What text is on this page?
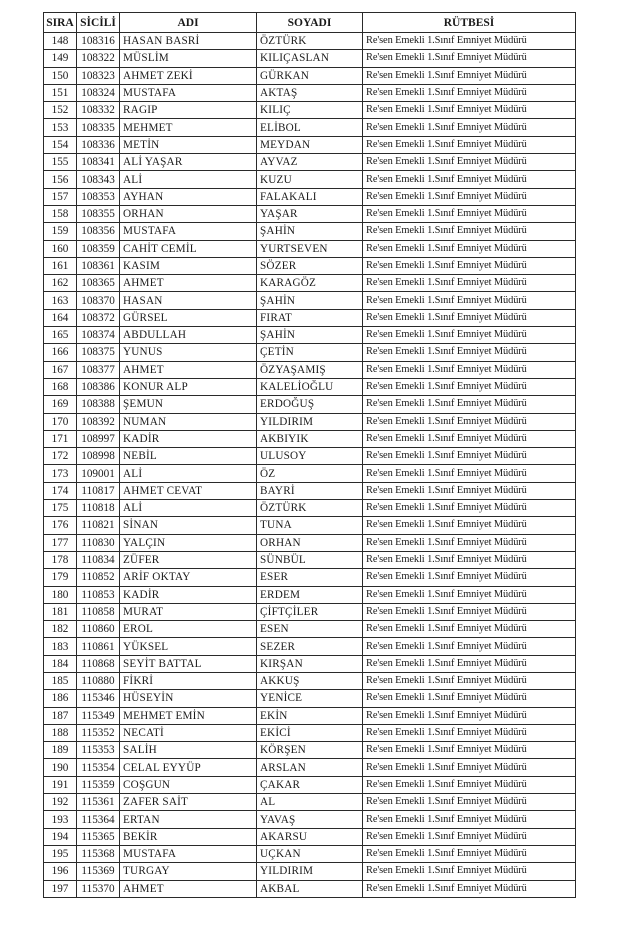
SIRA	SİCİLİ	ADI	SOYADI	RÜTBESİ
148	108316	HASAN BASRİ	ÖZTÜRK	Re'sen Emekli 1.Sınıf Emniyet Müdürü
149	108322	MÜSLİM	KILIÇASLAN	Re'sen Emekli 1.Sınıf Emniyet Müdürü
150	108323	AHMET ZEKİ	GÜRKAN	Re'sen Emekli 1.Sınıf Emniyet Müdürü
151	108324	MUSTAFA	AKTAŞ	Re'sen Emekli 1.Sınıf Emniyet Müdürü
152	108332	RAGIP	KILIÇ	Re'sen Emekli 1.Sınıf Emniyet Müdürü
153	108335	MEHMET	ELİBOL	Re'sen Emekli 1.Sınıf Emniyet Müdürü
154	108336	METİN	MEYDAN	Re'sen Emekli 1.Sınıf Emniyet Müdürü
155	108341	ALİ YAŞAR	AYVAZ	Re'sen Emekli 1.Sınıf Emniyet Müdürü
156	108343	ALİ	KUZU	Re'sen Emekli 1.Sınıf Emniyet Müdürü
157	108353	AYHAN	FALAKALI	Re'sen Emekli 1.Sınıf Emniyet Müdürü
158	108355	ORHAN	YAŞAR	Re'sen Emekli 1.Sınıf Emniyet Müdürü
159	108356	MUSTAFA	ŞAHİN	Re'sen Emekli 1.Sınıf Emniyet Müdürü
160	108359	CAHİT CEMİL	YURTSEVEN	Re'sen Emekli 1.Sınıf Emniyet Müdürü
161	108361	KASIM	SÖZER	Re'sen Emekli 1.Sınıf Emniyet Müdürü
162	108365	AHMET	KARAGÖZ	Re'sen Emekli 1.Sınıf Emniyet Müdürü
163	108370	HASAN	ŞAHİN	Re'sen Emekli 1.Sınıf Emniyet Müdürü
164	108372	GÜRSEL	FIRAT	Re'sen Emekli 1.Sınıf Emniyet Müdürü
165	108374	ABDULLAH	ŞAHİN	Re'sen Emekli 1.Sınıf Emniyet Müdürü
166	108375	YUNUS	ÇETİN	Re'sen Emekli 1.Sınıf Emniyet Müdürü
167	108377	AHMET	ÖZYAŞAMIŞ	Re'sen Emekli 1.Sınıf Emniyet Müdürü
168	108386	KONUR ALP	KALELİOĞLU	Re'sen Emekli 1.Sınıf Emniyet Müdürü
169	108388	ŞEMUN	ERDOĞUŞ	Re'sen Emekli 1.Sınıf Emniyet Müdürü
170	108392	NUMAN	YILDIRIM	Re'sen Emekli 1.Sınıf Emniyet Müdürü
171	108997	KADİR	AKBIYIK	Re'sen Emekli 1.Sınıf Emniyet Müdürü
172	108998	NEBİL	ULUSOY	Re'sen Emekli 1.Sınıf Emniyet Müdürü
173	109001	ALİ	ÖZ	Re'sen Emekli 1.Sınıf Emniyet Müdürü
174	110817	AHMET CEVAT	BAYRİ	Re'sen Emekli 1.Sınıf Emniyet Müdürü
175	110818	ALİ	ÖZTÜRK	Re'sen Emekli 1.Sınıf Emniyet Müdürü
176	110821	SİNAN	TUNA	Re'sen Emekli 1.Sınıf Emniyet Müdürü
177	110830	YALÇIN	ORHAN	Re'sen Emekli 1.Sınıf Emniyet Müdürü
178	110834	ZÜFER	SÜNBÜL	Re'sen Emekli 1.Sınıf Emniyet Müdürü
179	110852	ARİF OKTAY	ESER	Re'sen Emekli 1.Sınıf Emniyet Müdürü
180	110853	KADİR	ERDEM	Re'sen Emekli 1.Sınıf Emniyet Müdürü
181	110858	MURAT	ÇİFTÇİLER	Re'sen Emekli 1.Sınıf Emniyet Müdürü
182	110860	EROL	ESEN	Re'sen Emekli 1.Sınıf Emniyet Müdürü
183	110861	YÜKSEL	SEZER	Re'sen Emekli 1.Sınıf Emniyet Müdürü
184	110868	SEYİT BATTAL	KIRŞAN	Re'sen Emekli 1.Sınıf Emniyet Müdürü
185	110880	FİKRİ	AKKUŞ	Re'sen Emekli 1.Sınıf Emniyet Müdürü
186	115346	HÜSEYİN	YENİCE	Re'sen Emekli 1.Sınıf Emniyet Müdürü
187	115349	MEHMET EMİN	EKİN	Re'sen Emekli 1.Sınıf Emniyet Müdürü
188	115352	NECATİ	EKİCİ	Re'sen Emekli 1.Sınıf Emniyet Müdürü
189	115353	SALİH	KÖRŞEN	Re'sen Emekli 1.Sınıf Emniyet Müdürü
190	115354	CELAL EYYÜP	ARSLAN	Re'sen Emekli 1.Sınıf Emniyet Müdürü
191	115359	COŞGUN	ÇAKAR	Re'sen Emekli 1.Sınıf Emniyet Müdürü
192	115361	ZAFER SAİT	AL	Re'sen Emekli 1.Sınıf Emniyet Müdürü
193	115364	ERTAN	YAVAŞ	Re'sen Emekli 1.Sınıf Emniyet Müdürü
194	115365	BEKİR	AKARSU	Re'sen Emekli 1.Sınıf Emniyet Müdürü
195	115368	MUSTAFA	UÇKAN	Re'sen Emekli 1.Sınıf Emniyet Müdürü
196	115369	TURGAY	YILDIRIM	Re'sen Emekli 1.Sınıf Emniyet Müdürü
197	115370	AHMET	AKBAL	Re'sen Emekli 1.Sınıf Emniyet Müdürü
